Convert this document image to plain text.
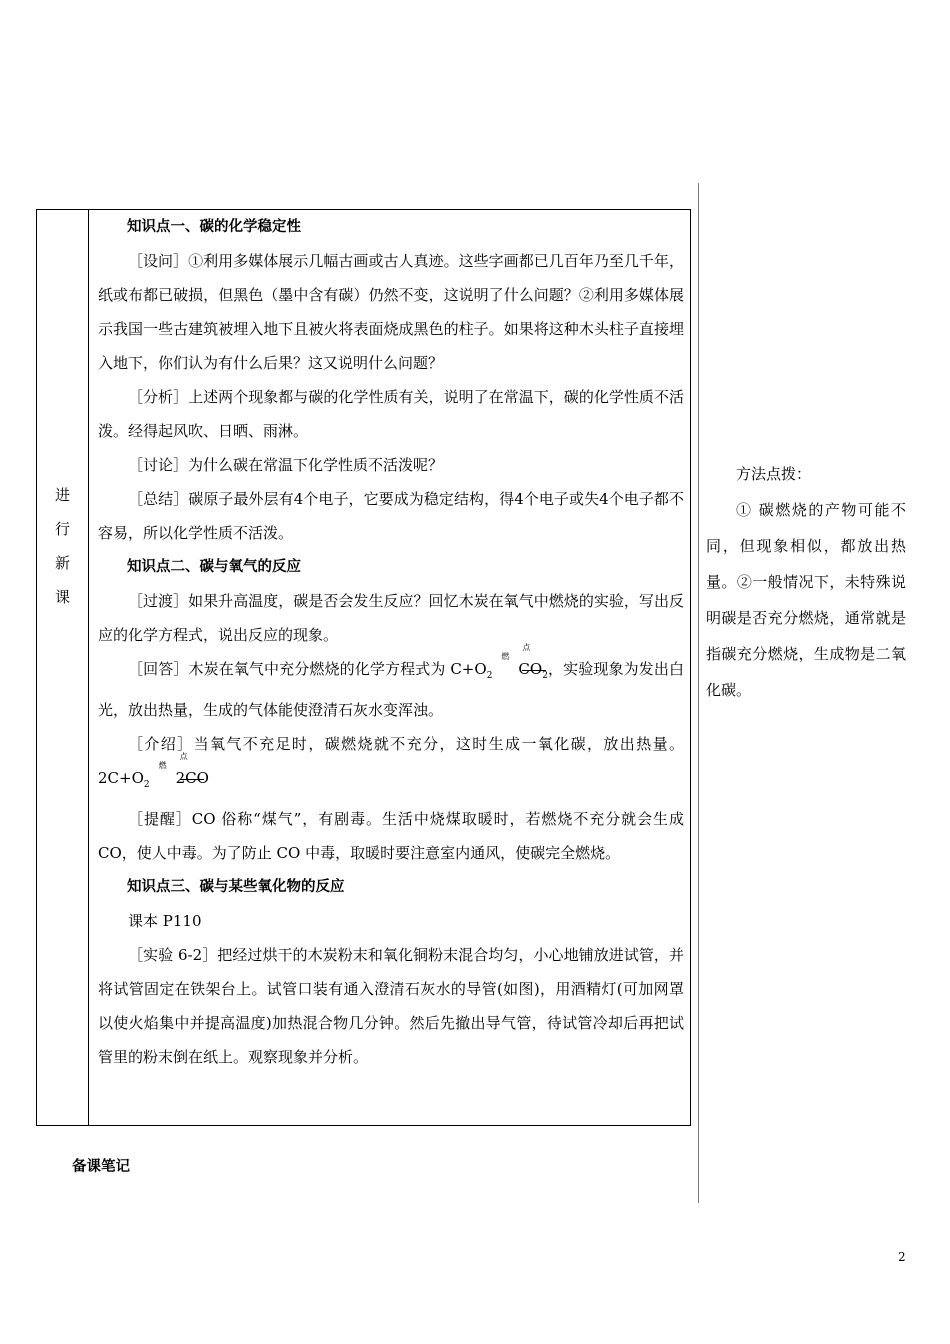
进
行
新
课

知识点一、碳的化学稳定性

［设问］①利用多媒体展示几幅古画或古人真迹。这些字画都已几百年乃至几千年，纸或布都已破损，但黑色（墨中含有碳）仍然不变，这说明了什么问题？②利用多媒体展示我国一些古建筑被埋入地下且被火将表面烧成黑色的柱子。如果将这种木头柱子直接埋入地下，你们认为有什么后果？这又说明什么问题？

［分析］上述两个现象都与碳的化学性质有关，说明了在常温下，碳的化学性质不活泼。经得起风吹、日晒、雨淋。

［讨论］为什么碳在常温下化学性质不活泼呢？

［总结］碳原子最外层有4个电子，它要成为稳定结构，得4个电子或失4个电子都不容易，所以化学性质不活泼。

知识点二、碳与氧气的反应

［过渡］如果升高温度，碳是否会发生反应？回忆木炭在氧气中燃烧的实验，写出反应的化学方程式，说出反应的现象。

［回答］木炭在氧气中充分燃烧的化学方程式为 $C+O_2$
点燃
$CO_2$，实验现象为发出白光，放出热量，生成的气体能使澄清石灰水变浑浊。

［介绍］当氧气不充足时，碳燃烧就不充分，这时生成一氧化碳，放出热量。$2C+O_2$
点燃
2CO

［提醒］CO 俗称“煤气”，有剧毒。生活中烧煤取暖时，若燃烧不充分就会生成 CO，使人中毒。为了防止 CO 中毒，取暖时要注意室内通风，使碳完全燃烧。

知识点三、碳与某些氧化物的反应

课本 P110

［实验 6-2］把经过烘干的木炭粉末和氧化铜粉末混合均匀，小心地铺放进试管，并将试管固定在铁架台上。试管口装有通入澄清石灰水的导管(如图)，用酒精灯(可加网罩以使火焰集中并提高温度)加热混合物几分钟。然后先撤出导气管，待试管冷却后再把试管里的粉末倒在纸上。观察现象并分析。

方法点拨：

① 碳燃烧的产物可能不同，但现象相似，都放出热量。②一般情况下，未特殊说明碳是否充分燃烧，通常就是指碳充分燃烧，生成物是二氧化碳。

备课笔记
2
